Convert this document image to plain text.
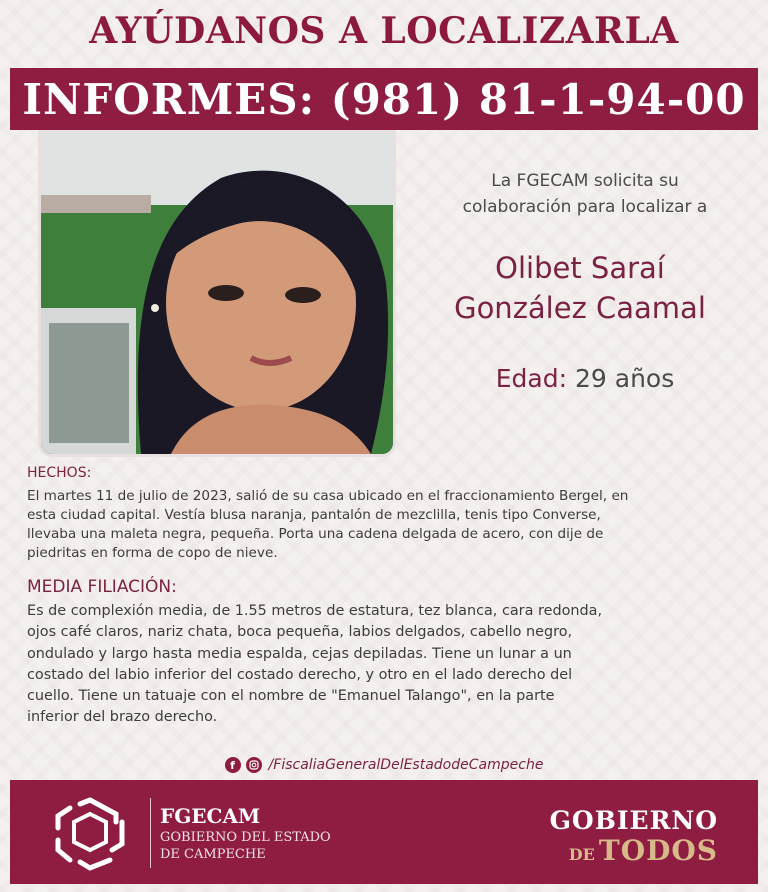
AYÚDANOS A LOCALIZARLA
INFORMES: (981) 81-1-94-00
La FGECAM solicita su
colaboración para localizar a
Olibet Saraí
González Caamal
Edad: 29 años
HECHOS:
El martes 11 de julio de 2023, salió de su casa ubicado en el fraccionamiento Bergel, en
esta ciudad capital. Vestía blusa naranja, pantalón de mezclilla, tenis tipo Converse,
llevaba una maleta negra, pequeña. Porta una cadena delgada de acero, con dije de
piedritas en forma de copo de nieve.
MEDIA FILIACIÓN:
Es de complexión media, de 1.55 metros de estatura, tez blanca, cara redonda,
ojos café claros, nariz chata, boca pequeña, labios delgados, cabello negro,
ondulado y largo hasta media espalda, cejas depiladas. Tiene un lunar a un
costado del labio inferior del costado derecho, y otro en el lado derecho del
cuello. Tiene un tatuaje con el nombre de "Emanuel Talango", en la parte
inferior del brazo derecho.
f	/FiscaliaGeneralDelEstadodeCampeche
FGECAM
GOBIERNO DEL ESTADO
DE CAMPECHE
GOBIERNO
DE TODOS
